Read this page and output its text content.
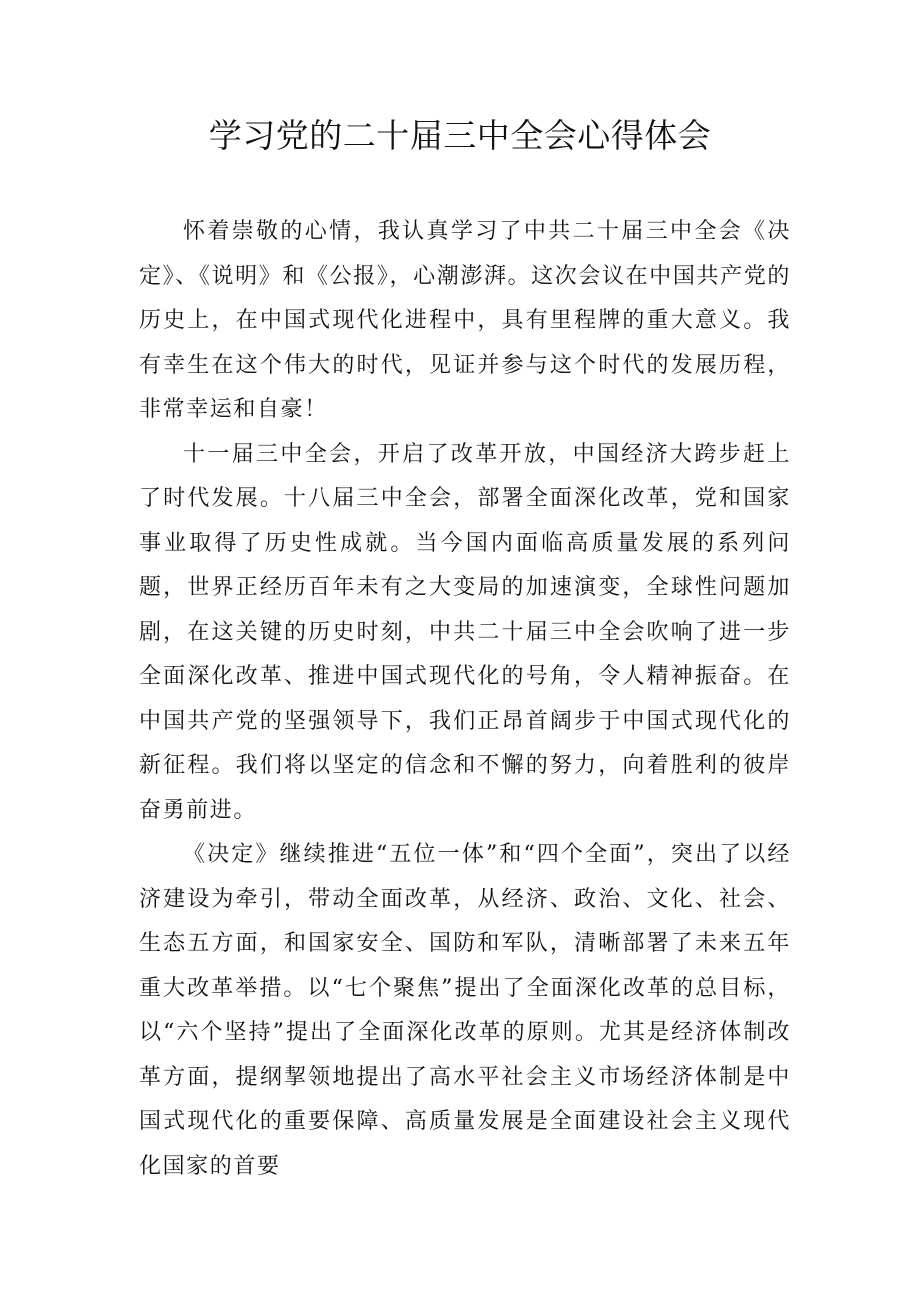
学习党的二十届三中全会心得体会

怀着崇敬的心情，我认真学习了中共二十届三中全会《决定》、《说明》和《公报》，心潮澎湃。这次会议在中国共产党的历史上，在中国式现代化进程中，具有里程牌的重大意义。我有幸生在这个伟大的时代，见证并参与这个时代的发展历程，非常幸运和自豪！

十一届三中全会，开启了改革开放，中国经济大跨步赶上了时代发展。十八届三中全会，部署全面深化改革，党和国家事业取得了历史性成就。当今国内面临高质量发展的系列问题，世界正经历百年未有之大变局的加速演变，全球性问题加剧，在这关键的历史时刻，中共二十届三中全会吹响了进一步全面深化改革、推进中国式现代化的号角，令人精神振奋。在中国共产党的坚强领导下，我们正昂首阔步于中国式现代化的新征程。我们将以坚定的信念和不懈的努力，向着胜利的彼岸奋勇前进。

《决定》继续推进“五位一体”和“四个全面”，突出了以经济建设为牵引，带动全面改革，从经济、政治、文化、社会、生态五方面，和国家安全、国防和军队，清晰部署了未来五年重大改革举措。以“七个聚焦”提出了全面深化改革的总目标，以“六个坚持”提出了全面深化改革的原则。尤其是经济体制改革方面，提纲挈领地提出了高水平社会主义市场经济体制是中国式现代化的重要保障、高质量发展是全面建设社会主义现代化国家的首要
